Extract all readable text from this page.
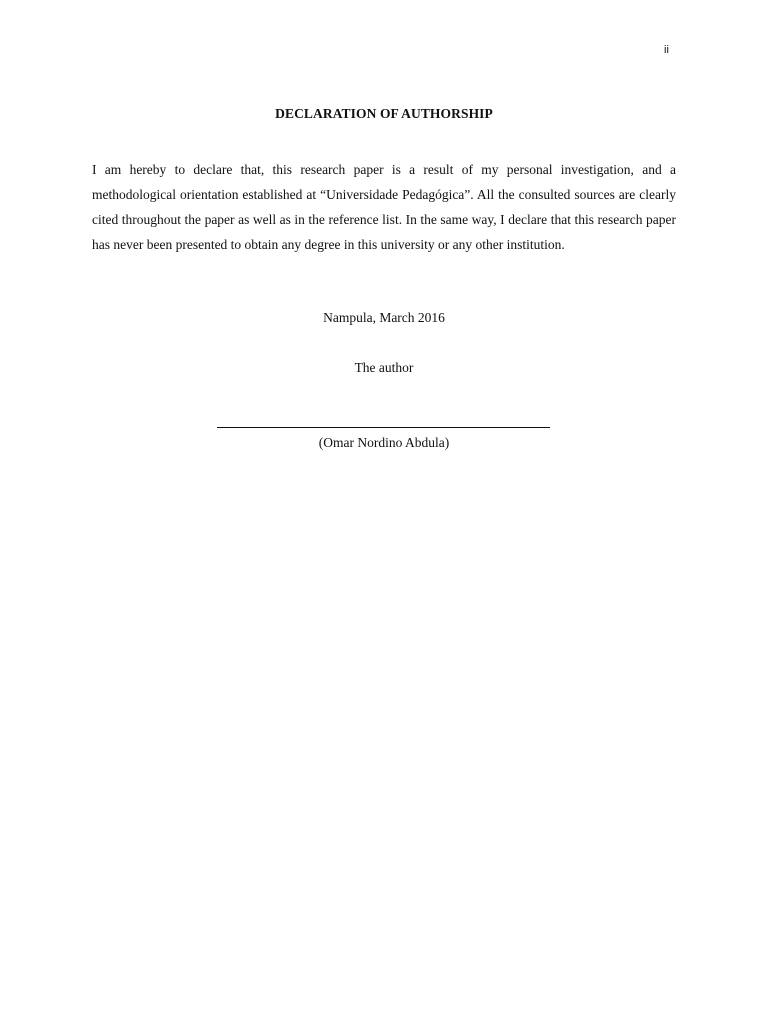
ii
DECLARATION OF AUTHORSHIP
I am hereby to declare that, this research paper is a result of my personal investigation, and a methodological orientation established at “Universidade Pedagógica”. All the consulted sources are clearly cited throughout the paper as well as in the reference list. In the same way, I declare that this research paper has never been presented to obtain any degree in this university or any other institution.
Nampula, March 2016
The author
(Omar Nordino Abdula)
